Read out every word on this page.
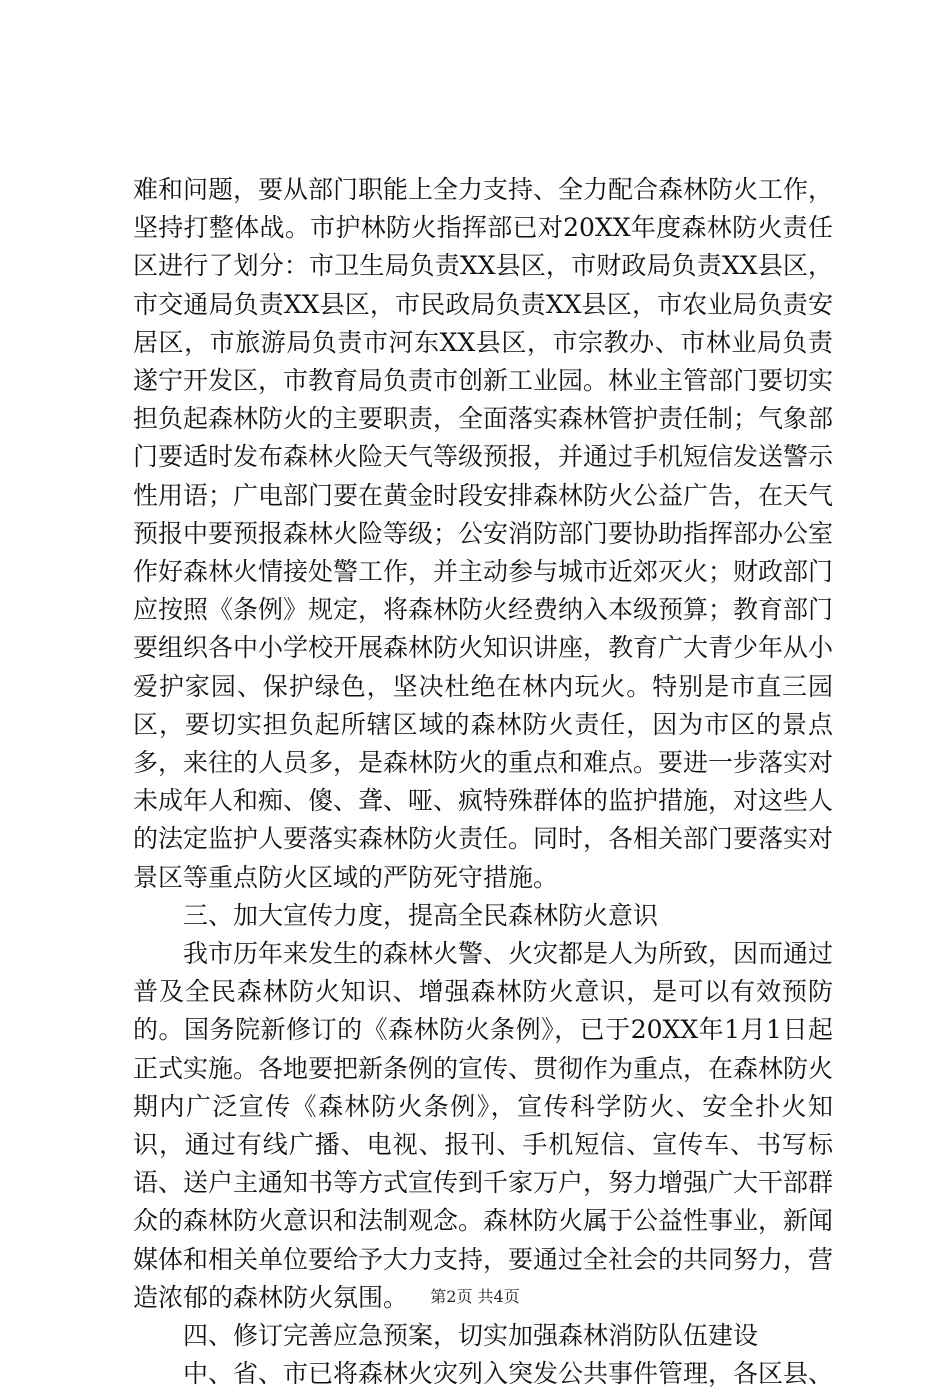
难和问题，要从部门职能上全力支持、全力配合森林防火工作，坚持打整体战。市护林防火指挥部已对20XX年度森林防火责任区进行了划分：市卫生局负责XX县区，市财政局负责XX县区，市交通局负责XX县区，市民政局负责XX县区，市农业局负责安居区，市旅游局负责市河东XX县区，市宗教办、市林业局负责遂宁开发区，市教育局负责市创新工业园。林业主管部门要切实担负起森林防火的主要职责，全面落实森林管护责任制；气象部门要适时发布森林火险天气等级预报，并通过手机短信发送警示性用语；广电部门要在黄金时段安排森林防火公益广告，在天气预报中要预报森林火险等级；公安消防部门要协助指挥部办公室作好森林火情接处警工作，并主动参与城市近郊灭火；财政部门应按照《条例》规定，将森林防火经费纳入本级预算；教育部门要组织各中小学校开展森林防火知识讲座，教育广大青少年从小爱护家园、保护绿色，坚决杜绝在林内玩火。特别是市直三园区，要切实担负起所辖区域的森林防火责任，因为市区的景点多，来往的人员多，是森林防火的重点和难点。要进一步落实对未成年人和痴、傻、聋、哑、疯特殊群体的监护措施，对这些人的法定监护人要落实森林防火责任。同时，各相关部门要落实对景区等重点防火区域的严防死守措施。

三、加大宣传力度，提高全民森林防火意识

我市历年来发生的森林火警、火灾都是人为所致，因而通过普及全民森林防火知识、增强森林防火意识，是可以有效预防的。国务院新修订的《森林防火条例》，已于20XX年1月1日起正式实施。各地要把新条例的宣传、贯彻作为重点，在森林防火期内广泛宣传《森林防火条例》，宣传科学防火、安全扑火知识，通过有线广播、电视、报刊、手机短信、宣传车、书写标语、送户主通知书等方式宣传到千家万户，努力增强广大干部群众的森林防火意识和法制观念。森林防火属于公益性事业，新闻媒体和相关单位要给予大力支持，要通过全社会的共同努力，营造浓郁的森林防火氛围。

四、修订完善应急预案，切实加强森林消防队伍建设

中、省、市已将森林火灾列入突发公共事件管理，各区县、

第2页 共4页
